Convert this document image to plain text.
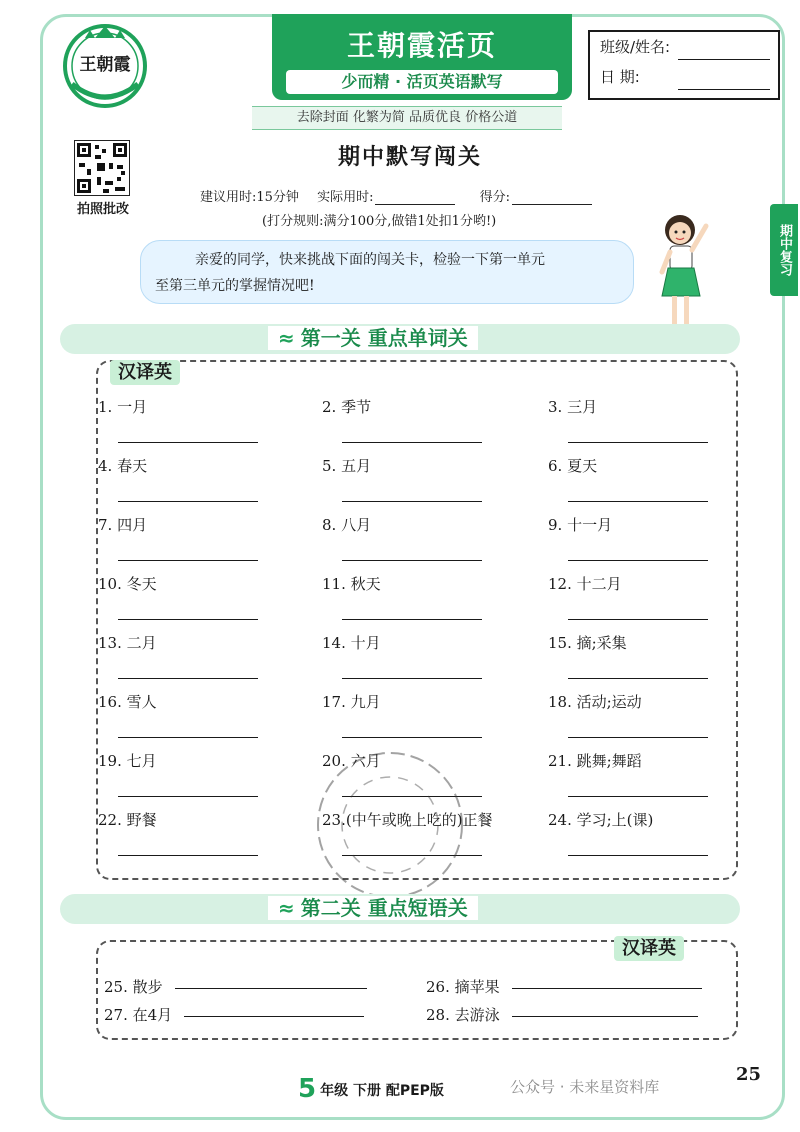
王朝霞
王朝霞活页
少而精 · 活页英语默写
去除封面 化繁为简 品质优良 价格公道
班级/姓名:
日 期:
拍照批改
期中默写闯关
建议用时:15分钟 实际用时:	得分:
(打分规则:满分100分,做错1处扣1分哟!)
期中复习
亲爱的同学，快来挑战下面的闯关卡，检验一下第一单元
至第三单元的掌握情况吧!
≈ 第一关 重点单词关
汉译英
1. 一月	2. 季节	3. 三月
4. 春天	5. 五月	6. 夏天
7. 四月	8. 八月	9. 十一月
10. 冬天	11. 秋天	12. 十二月
13. 二月	14. 十月	15. 摘;采集
16. 雪人	17. 九月	18. 活动;运动
19. 七月	20. 六月	21. 跳舞;舞蹈
22. 野餐	23.(中午或晚上吃的)正餐	24. 学习;上(课)
≈ 第二关 重点短语关
汉译英
25. 散步	26. 摘苹果
27. 在4月	28. 去游泳
5 年级 下册 配PEP版	公众号 · 未来星资料库
25
